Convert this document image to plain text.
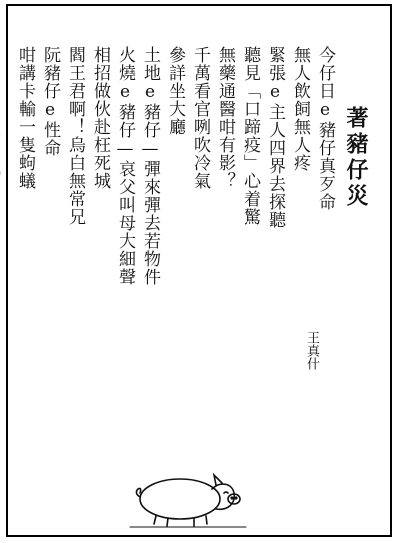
著豬仔災
王真什
今仔日e豬仔真歹命
無人飲飼無人疼
緊張e主人四界去探聽
聽見「口蹄疫」心着驚
無藥通醫咁有影？
千萬看官咧吹冷氣
參詳坐大廳
土地e豬仔—彈來彈去若物件
火燒e豬仔—哀父叫母大細聲
相招做伙赴枉死城
閻王君啊！烏白無常兄
阮豬仔e性命
咁講卡輸一隻蚼蟻
